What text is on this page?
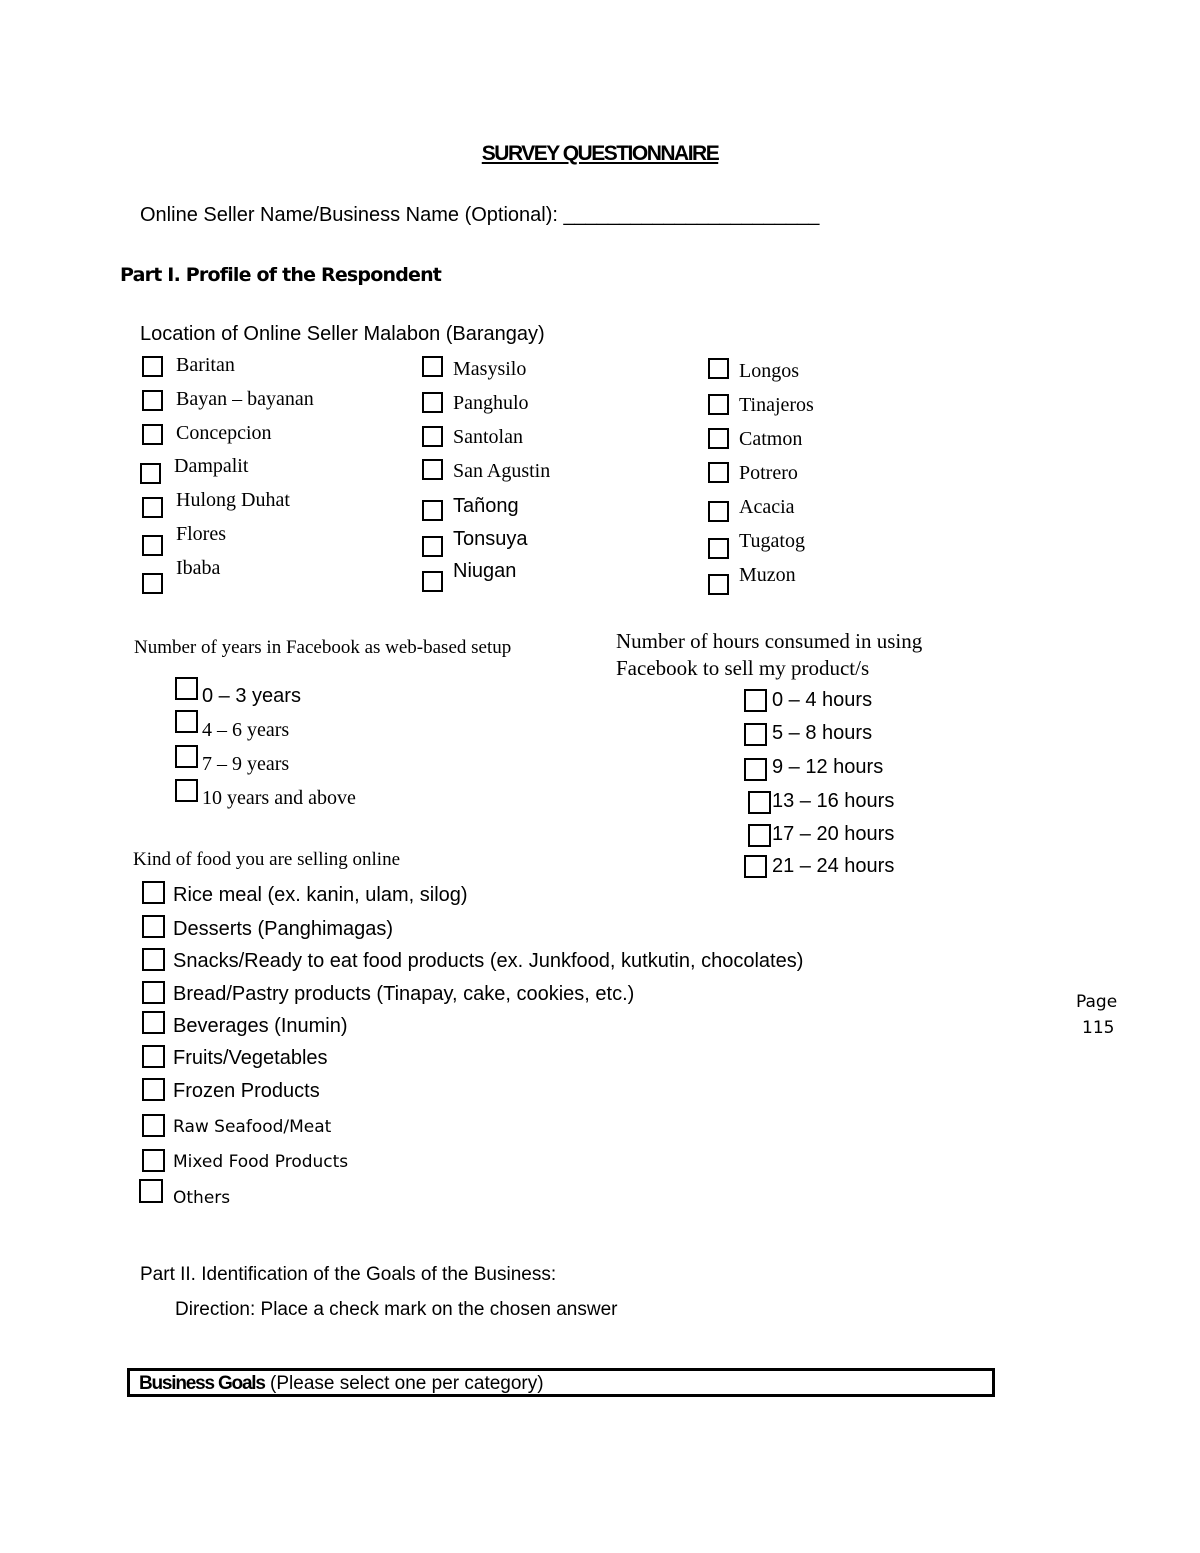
SURVEY QUESTIONNAIRE
Online Seller Name/Business Name (Optional): _______________________
Part I. Profile of the Respondent
Location of Online Seller Malabon (Barangay)
Baritan
Bayan – bayanan
Concepcion
Dampalit
Hulong Duhat
Flores
Ibaba
Masysilo
Panghulo
Santolan
San Agustin
Tañong
Tonsuya
Niugan
Longos
Tinajeros
Catmon
Potrero
Acacia
Tugatog
Muzon
Number of years in Facebook as web-based setup
0 – 3 years
4 – 6 years
7 – 9 years
10 years and above
Number of hours consumed in using
Facebook to sell my product/s
0 – 4 hours
5 – 8 hours
9 – 12 hours
13 – 16 hours
17 – 20 hours
21 – 24 hours
Kind of food you are selling online
Rice meal (ex. kanin, ulam, silog)
Desserts (Panghimagas)
Snacks/Ready to eat food products (ex. Junkfood, kutkutin, chocolates)
Bread/Pastry products (Tinapay, cake, cookies, etc.)
Beverages (Inumin)
Fruits/Vegetables
Frozen Products
Raw Seafood/Meat
Mixed Food Products
Others
Page
115
Part II. Identification of the Goals of the Business:
Direction: Place a check mark on the chosen answer
Business Goals (Please select one per category)
